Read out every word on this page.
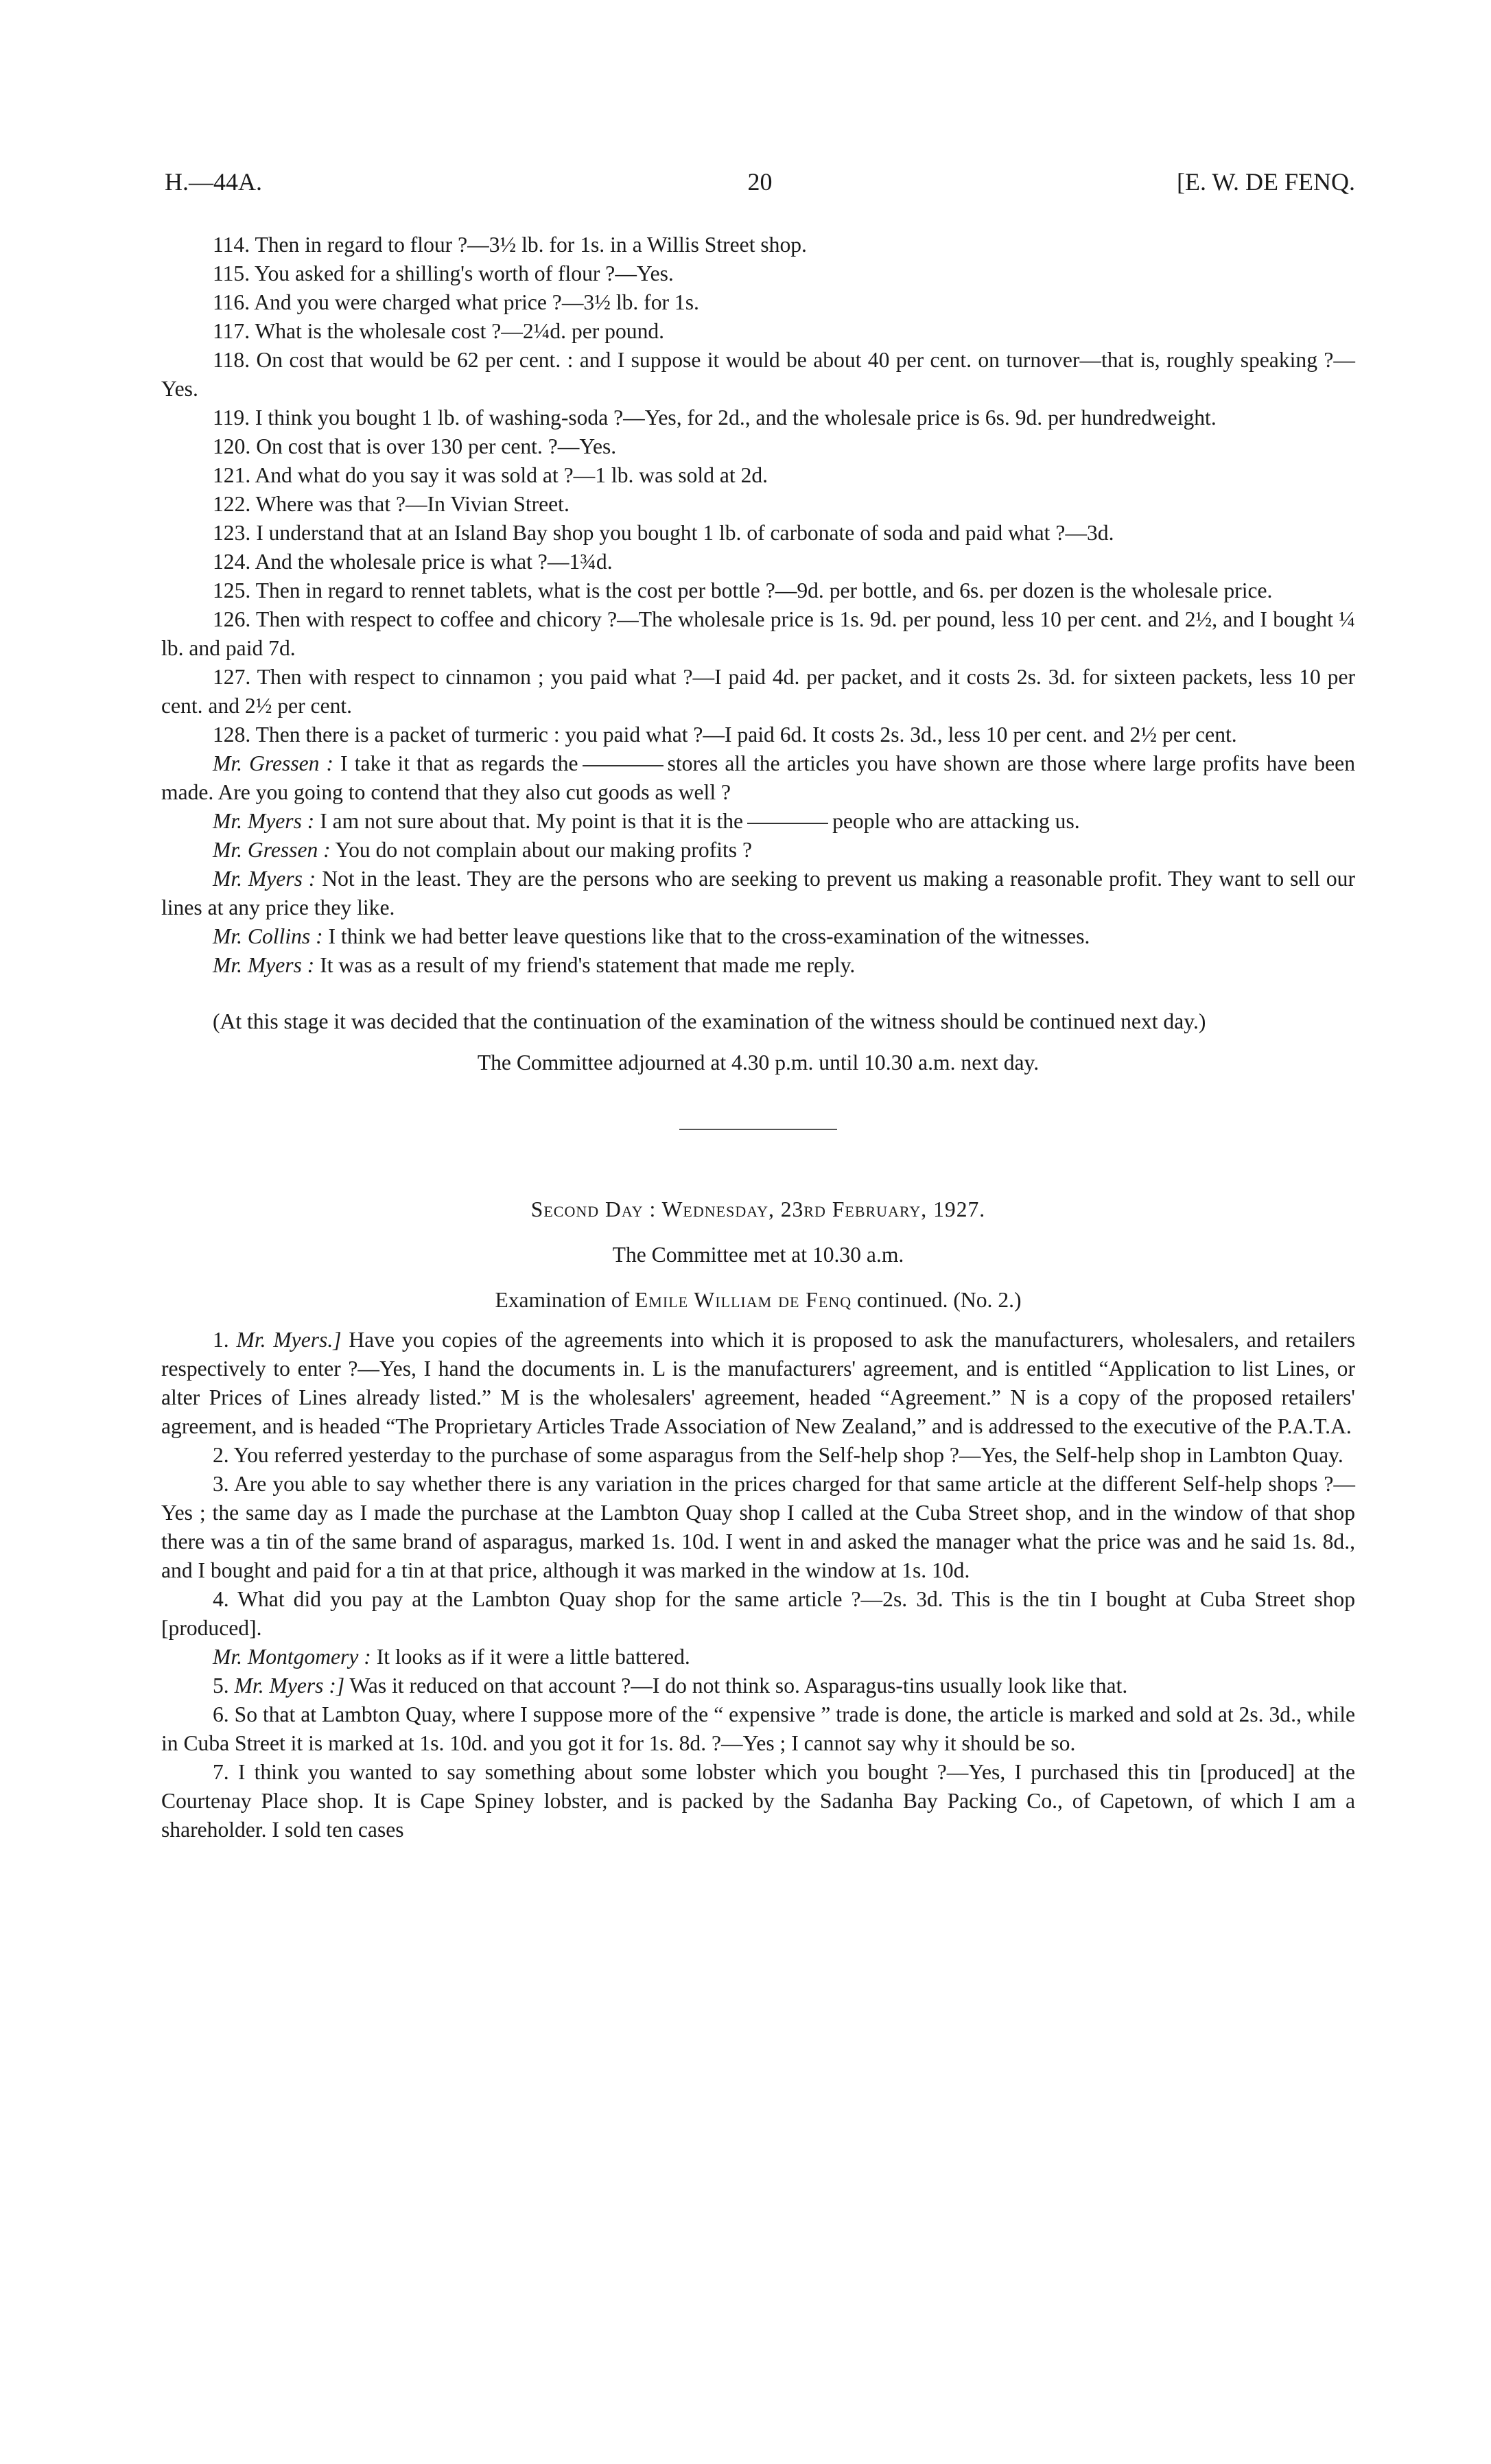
H.—44A.	20	[E. W. DE FENQ.

114. Then in regard to flour ?—3½ lb. for 1s. in a Willis Street shop.

115. You asked for a shilling's worth of flour ?—Yes.

116. And you were charged what price ?—3½ lb. for 1s.

117. What is the wholesale cost ?—2¼d. per pound.

118. On cost that would be 62 per cent. : and I suppose it would be about 40 per cent. on turnover—that is, roughly speaking ?—Yes.

119. I think you bought 1 lb. of washing-soda ?—Yes, for 2d., and the wholesale price is 6s. 9d. per hundredweight.

120. On cost that is over 130 per cent. ?—Yes.

121. And what do you say it was sold at ?—1 lb. was sold at 2d.

122. Where was that ?—In Vivian Street.

123. I understand that at an Island Bay shop you bought 1 lb. of carbonate of soda and paid what ?—3d.

124. And the wholesale price is what ?—1¾d.

125. Then in regard to rennet tablets, what is the cost per bottle ?—9d. per bottle, and 6s. per dozen is the wholesale price.

126. Then with respect to coffee and chicory ?—The wholesale price is 1s. 9d. per pound, less 10 per cent. and 2½, and I bought ¼ lb. and paid 7d.

127. Then with respect to cinnamon ; you paid what ?—I paid 4d. per packet, and it costs 2s. 3d. for sixteen packets, less 10 per cent. and 2½ per cent.

128. Then there is a packet of turmeric : you paid what ?—I paid 6d. It costs 2s. 3d., less 10 per cent. and 2½ per cent.

Mr. Gressen : I take it that as regards the	stores all the articles you have shown are those where large profits have been made. Are you going to contend that they also cut goods as well ?

Mr. Myers : I am not sure about that. My point is that it is the	people who are attacking us.

Mr. Gressen : You do not complain about our making profits ?

Mr. Myers : Not in the least. They are the persons who are seeking to prevent us making a reasonable profit. They want to sell our lines at any price they like.

Mr. Collins : I think we had better leave questions like that to the cross-examination of the witnesses.

Mr. Myers : It was as a result of my friend's statement that made me reply.

(At this stage it was decided that the continuation of the examination of the witness should be continued next day.)

The Committee adjourned at 4.30 p.m. until 10.30 a.m. next day.

Second Day : Wednesday, 23rd February, 1927.

The Committee met at 10.30 a.m.

Examination of Emile William de Fenq continued. (No. 2.)

1. Mr. Myers.] Have you copies of the agreements into which it is proposed to ask the manufacturers, wholesalers, and retailers respectively to enter ?—Yes, I hand the documents in. L is the manufacturers' agreement, and is entitled “Application to list Lines, or alter Prices of Lines already listed.” M is the wholesalers' agreement, headed “Agreement.” N is a copy of the proposed retailers' agreement, and is headed “The Proprietary Articles Trade Association of New Zealand,” and is addressed to the executive of the P.A.T.A.

2. You referred yesterday to the purchase of some asparagus from the Self-help shop ?—Yes, the Self-help shop in Lambton Quay.

3. Are you able to say whether there is any variation in the prices charged for that same article at the different Self-help shops ?—Yes ; the same day as I made the purchase at the Lambton Quay shop I called at the Cuba Street shop, and in the window of that shop there was a tin of the same brand of asparagus, marked 1s. 10d. I went in and asked the manager what the price was and he said 1s. 8d., and I bought and paid for a tin at that price, although it was marked in the window at 1s. 10d.

4. What did you pay at the Lambton Quay shop for the same article ?—2s. 3d. This is the tin I bought at Cuba Street shop [produced].

Mr. Montgomery : It looks as if it were a little battered.

5. Mr. Myers :] Was it reduced on that account ?—I do not think so. Asparagus-tins usually look like that.

6. So that at Lambton Quay, where I suppose more of the “ expensive ” trade is done, the article is marked and sold at 2s. 3d., while in Cuba Street it is marked at 1s. 10d. and you got it for 1s. 8d. ?—Yes ; I cannot say why it should be so.

7. I think you wanted to say something about some lobster which you bought ?—Yes, I purchased this tin [produced] at the Courtenay Place shop. It is Cape Spiney lobster, and is packed by the Sadanha Bay Packing Co., of Capetown, of which I am a shareholder. I sold ten cases
